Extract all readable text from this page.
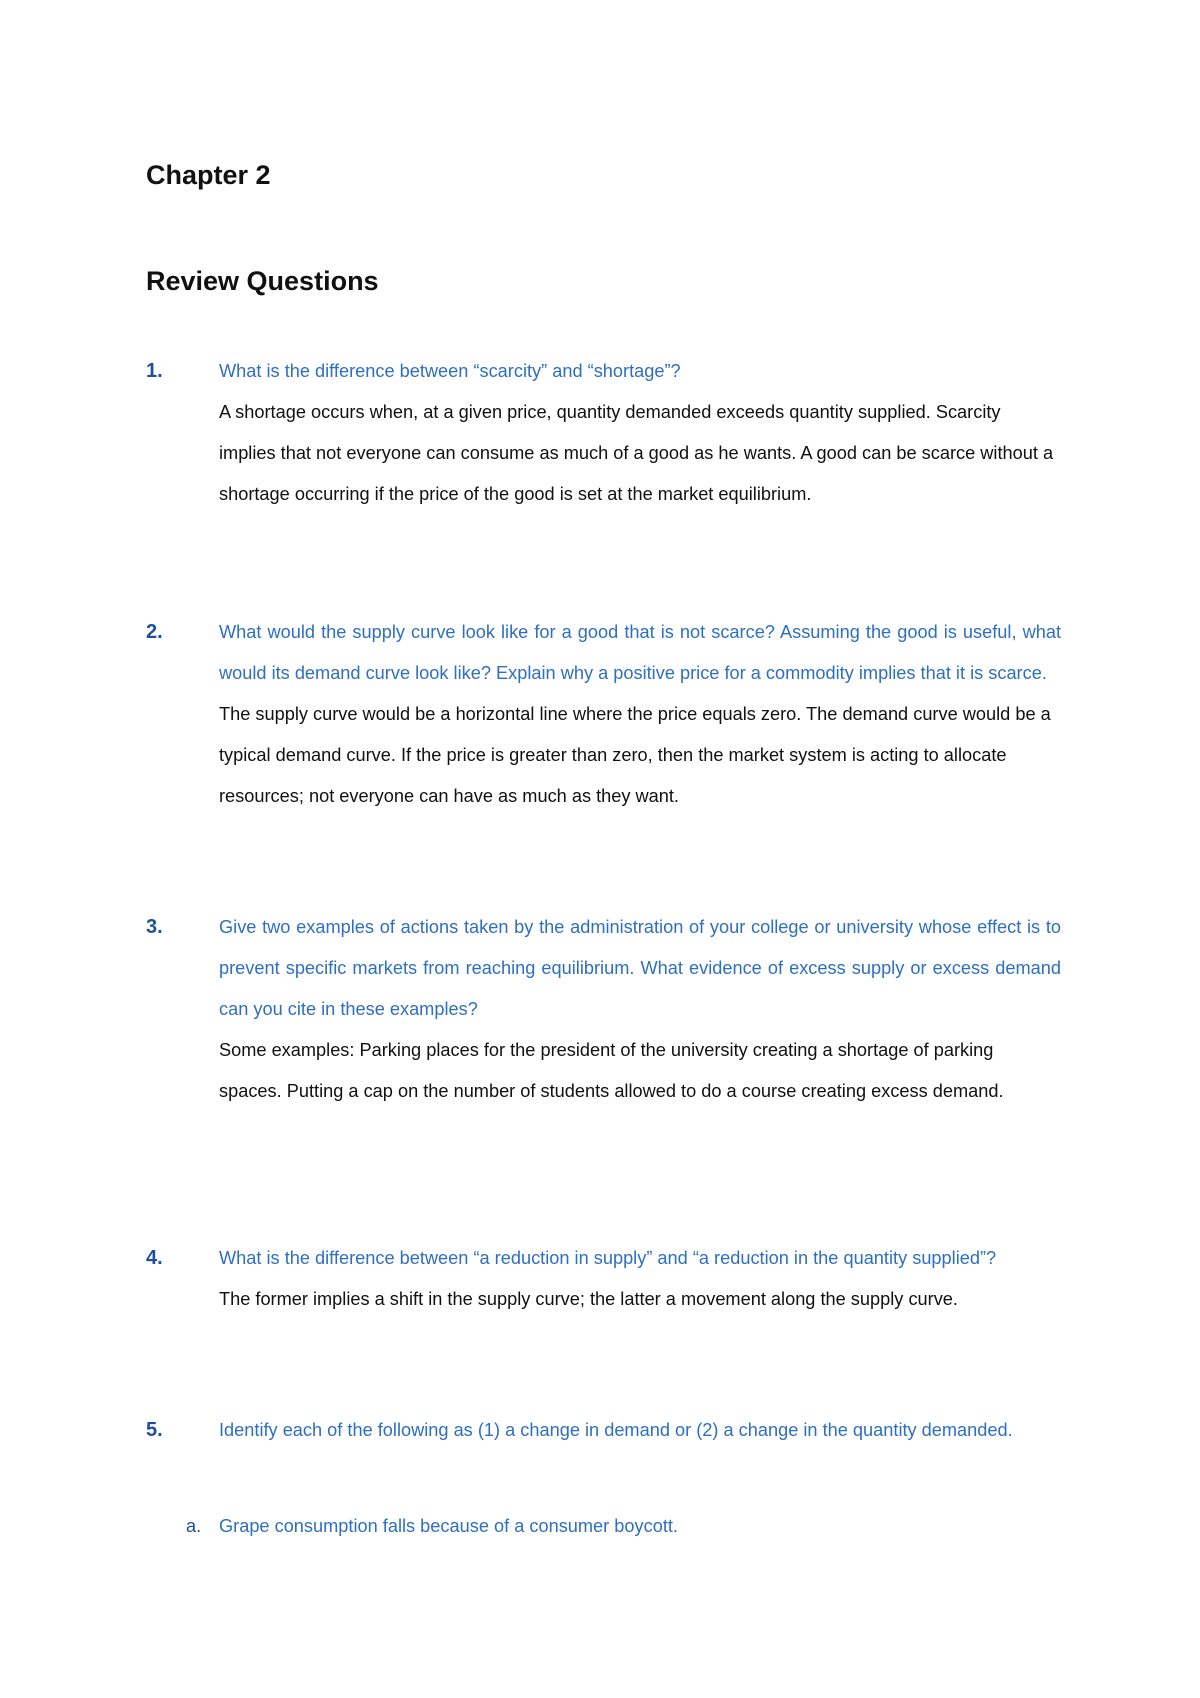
Chapter 2
Review Questions
1.	What is the difference between “scarcity” and “shortage”?

A shortage occurs when, at a given price, quantity demanded exceeds quantity supplied. Scarcity implies that not everyone can consume as much of a good as he wants. A good can be scarce without a shortage occurring if the price of the good is set at the market equilibrium.

2.	What would the supply curve look like for a good that is not scarce? Assuming the good is useful, what would its demand curve look like? Explain why a positive price for a commodity implies that it is scarce.

The supply curve would be a horizontal line where the price equals zero. The demand curve would be a typical demand curve. If the price is greater than zero, then the market system is acting to allocate resources; not everyone can have as much as they want.

3.	Give two examples of actions taken by the administration of your college or university whose effect is to prevent specific markets from reaching equilibrium. What evidence of excess supply or excess demand can you cite in these examples?

Some examples: Parking places for the president of the university creating a shortage of parking spaces. Putting a cap on the number of students allowed to do a course creating excess demand.

4.	What is the difference between “a reduction in supply” and “a reduction in the quantity supplied”?

The former implies a shift in the supply curve; the latter a movement along the supply curve.

5.	Identify each of the following as (1) a change in demand or (2) a change in the quantity demanded.

a. Grape consumption falls because of a consumer boycott.
